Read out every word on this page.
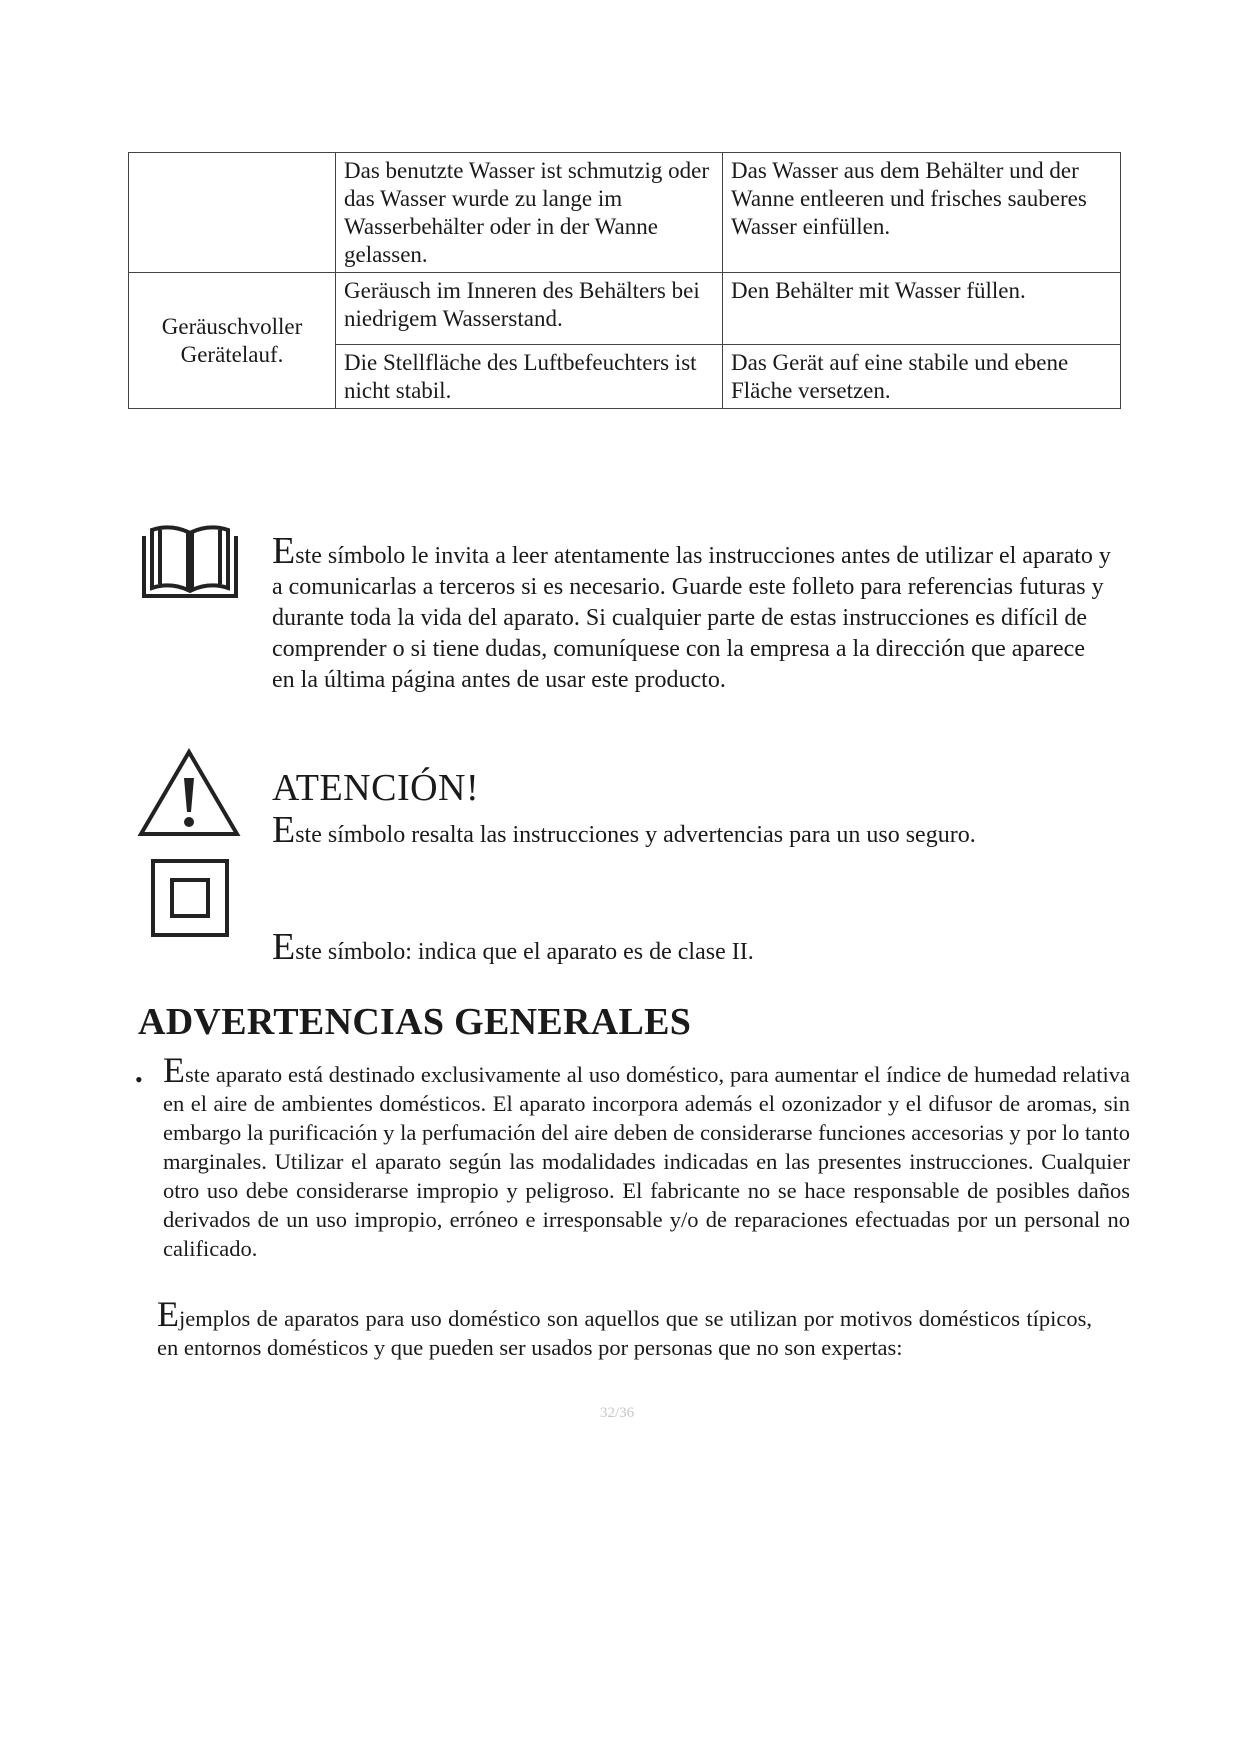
	Das benutzte Wasser ist schmutzig oder das Wasser wurde zu lange im Wasserbehälter oder in der Wanne gelassen.	Das Wasser aus dem Behälter und der Wanne entleeren und frisches sauberes Wasser einfüllen.
Geräuschvoller Gerätelauf.	Geräusch im Inneren des Behälters bei niedrigem Wasserstand.	Den Behälter mit Wasser füllen.
	Die Stellfläche des Luftbefeuchters ist nicht stabil.	Das Gerät auf eine stabile und ebene Fläche versetzen.
Este símbolo le invita a leer atentamente las instrucciones antes de utilizar el aparato y a comunicarlas a terceros si es necesario. Guarde este folleto para referencias futuras y durante toda la vida del aparato. Si cualquier parte de estas instrucciones es difícil de comprender o si tiene dudas, comuníquese con la empresa a la dirección que aparece en la última página antes de usar este producto.
ATENCIÓN!
Este símbolo resalta las instrucciones y advertencias para un uso seguro.
Este símbolo: indica que el aparato es de clase II.
ADVERTENCIAS GENERALES
• Este aparato está destinado exclusivamente al uso doméstico, para aumentar el índice de humedad relativa en el aire de ambientes domésticos. El aparato incorpora además el ozonizador y el difusor de aromas, sin embargo la purificación y la perfumación del aire deben de considerarse funciones accesorias y por lo tanto marginales. Utilizar el aparato según las modalidades indicadas en las presentes instrucciones. Cualquier otro uso debe considerarse impropio y peligroso. El fabricante no se hace responsable de posibles daños derivados de un uso impropio, erróneo e irresponsable y/o de reparaciones efectuadas por un personal no calificado.
Ejemplos de aparatos para uso doméstico son aquellos que se utilizan por motivos domésticos típicos, en entornos domésticos y que pueden ser usados por personas que no son expertas:
32/36
